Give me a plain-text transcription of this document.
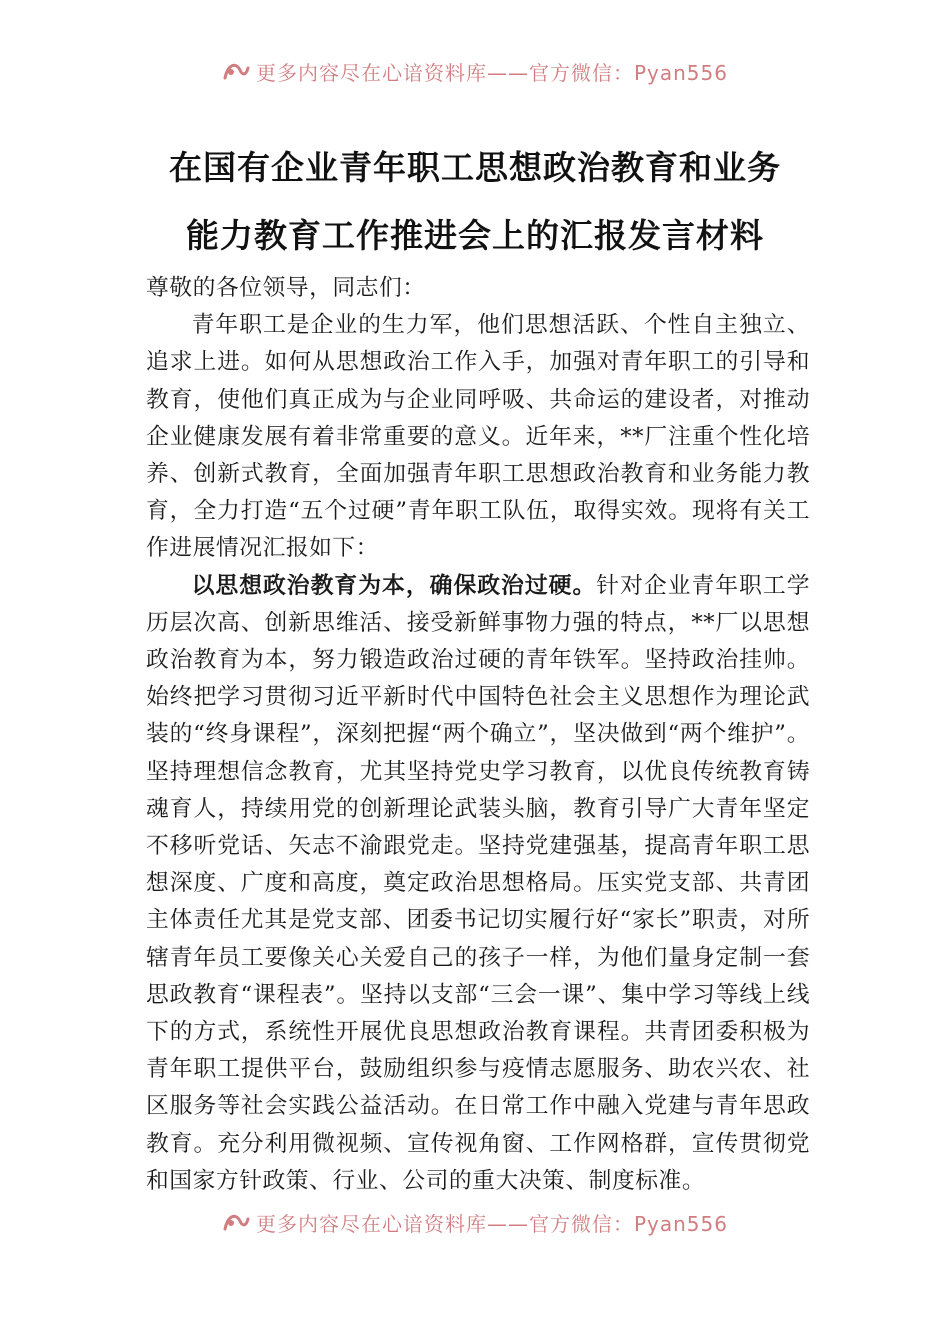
更多内容尽在心谙资料库——官方微信：Pyan556
在国有企业青年职工思想政治教育和业务
能力教育工作推进会上的汇报发言材料

尊敬的各位领导，同志们：

青年职工是企业的生力军，他们思想活跃、个性自主独立、追求上进。如何从思想政治工作入手，加强对青年职工的引导和教育，使他们真正成为与企业同呼吸、共命运的建设者，对推动企业健康发展有着非常重要的意义。近年来，**厂注重个性化培养、创新式教育，全面加强青年职工思想政治教育和业务能力教育，全力打造“五个过硬”青年职工队伍，取得实效。现将有关工作进展情况汇报如下：

以思想政治教育为本，确保政治过硬。针对企业青年职工学历层次高、创新思维活、接受新鲜事物力强的特点，**厂以思想政治教育为本，努力锻造政治过硬的青年铁军。坚持政治挂帅。始终把学习贯彻习近平新时代中国特色社会主义思想作为理论武装的“终身课程”，深刻把握“两个确立”，坚决做到“两个维护”。坚持理想信念教育，尤其坚持党史学习教育，以优良传统教育铸魂育人，持续用党的创新理论武装头脑，教育引导广大青年坚定不移听党话、矢志不渝跟党走。坚持党建强基，提高青年职工思想深度、广度和高度，奠定政治思想格局。压实党支部、共青团主体责任尤其是党支部、团委书记切实履行好“家长”职责，对所辖青年员工要像关心关爱自己的孩子一样，为他们量身定制一套思政教育“课程表”。坚持以支部“三会一课”、集中学习等线上线下的方式，系统性开展优良思想政治教育课程。共青团委积极为青年职工提供平台，鼓励组织参与疫情志愿服务、助农兴农、社区服务等社会实践公益活动。在日常工作中融入党建与青年思政教育。充分利用微视频、宣传视角窗、工作网格群，宣传贯彻党和国家方针政策、行业、公司的重大决策、制度标准。

更多内容尽在心谙资料库——官方微信：Pyan556
